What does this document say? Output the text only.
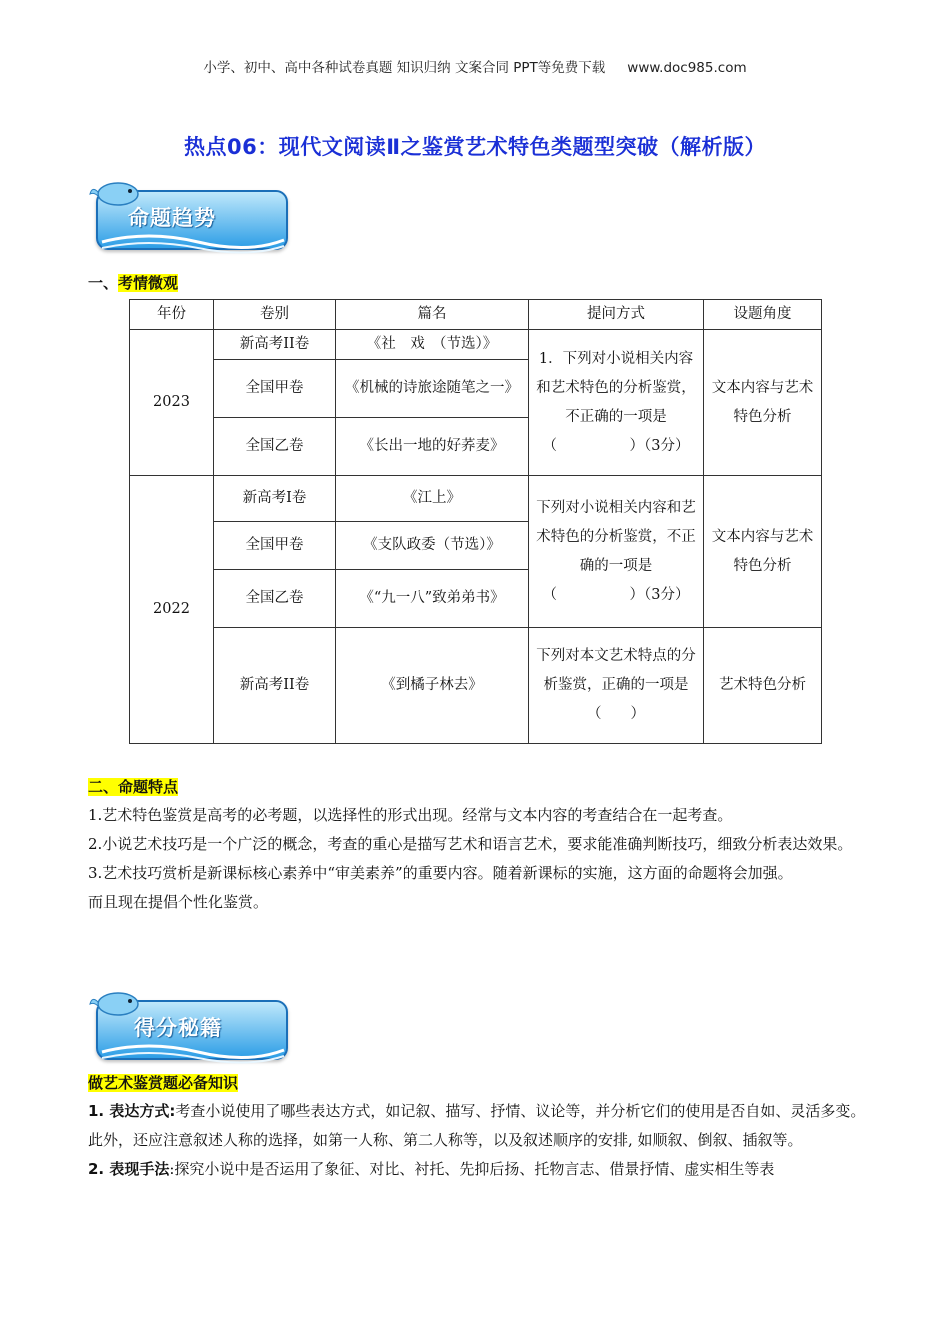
小学、初中、高中各种试卷真题 知识归纳 文案合同 PPT等免费下载 www.doc985.com
热点06：现代文阅读Ⅱ之鉴赏艺术特色类题型突破（解析版）
命题趋势
一、考情微观
年份	卷别	篇名	提问方式	设题角度
2023	新高考II卷	《社　戏　（节选）》	1．下列对小说相关内容和艺术特色的分析鉴赏，不正确的一项是（　　　　　）（3分）	文本内容与艺术特色分析
	全国甲卷	《机械的诗旅途随笔之一》		
	全国乙卷	《长出一地的好荞麦》		
2022	新高考I卷	《江上》	下列对小说相关内容和艺术特色的分析鉴赏，不正确的一项是（　　　　　）（3分）	文本内容与艺术特色分析
	全国甲卷	《支队政委（节选）》		
	全国乙卷	《“九一八”致弟弟书》		
	新高考II卷	《到橘子林去》	下列对本文艺术特点的分析鉴赏，正确的一项是（　　）	艺术特色分析
二、命题特点
1.艺术特色鉴赏是高考的必考题，以选择性的形式出现。经常与文本内容的考查结合在一起考查。
2.小说艺术技巧是一个广泛的概念，考查的重心是描写艺术和语言艺术，要求能准确判断技巧，细致分析表达效果。
3.艺术技巧赏析是新课标核心素养中“审美素养”的重要内容。随着新课标的实施，这方面的命题将会加强。
而且现在提倡个性化鉴赏。
得分秘籍
做艺术鉴赏题必备知识
1. 表达方式:考查小说使用了哪些表达方式，如记叙、描写、抒情、议论等，并分析它们的使用是否自如、灵活多变。此外，还应注意叙述人称的选择，如第一人称、第二人称等，以及叙述顺序的安排, 如顺叙、倒叙、插叙等。
2. 表现手法:探究小说中是否运用了象征、对比、衬托、先抑后扬、托物言志、借景抒情、虚实相生等表
